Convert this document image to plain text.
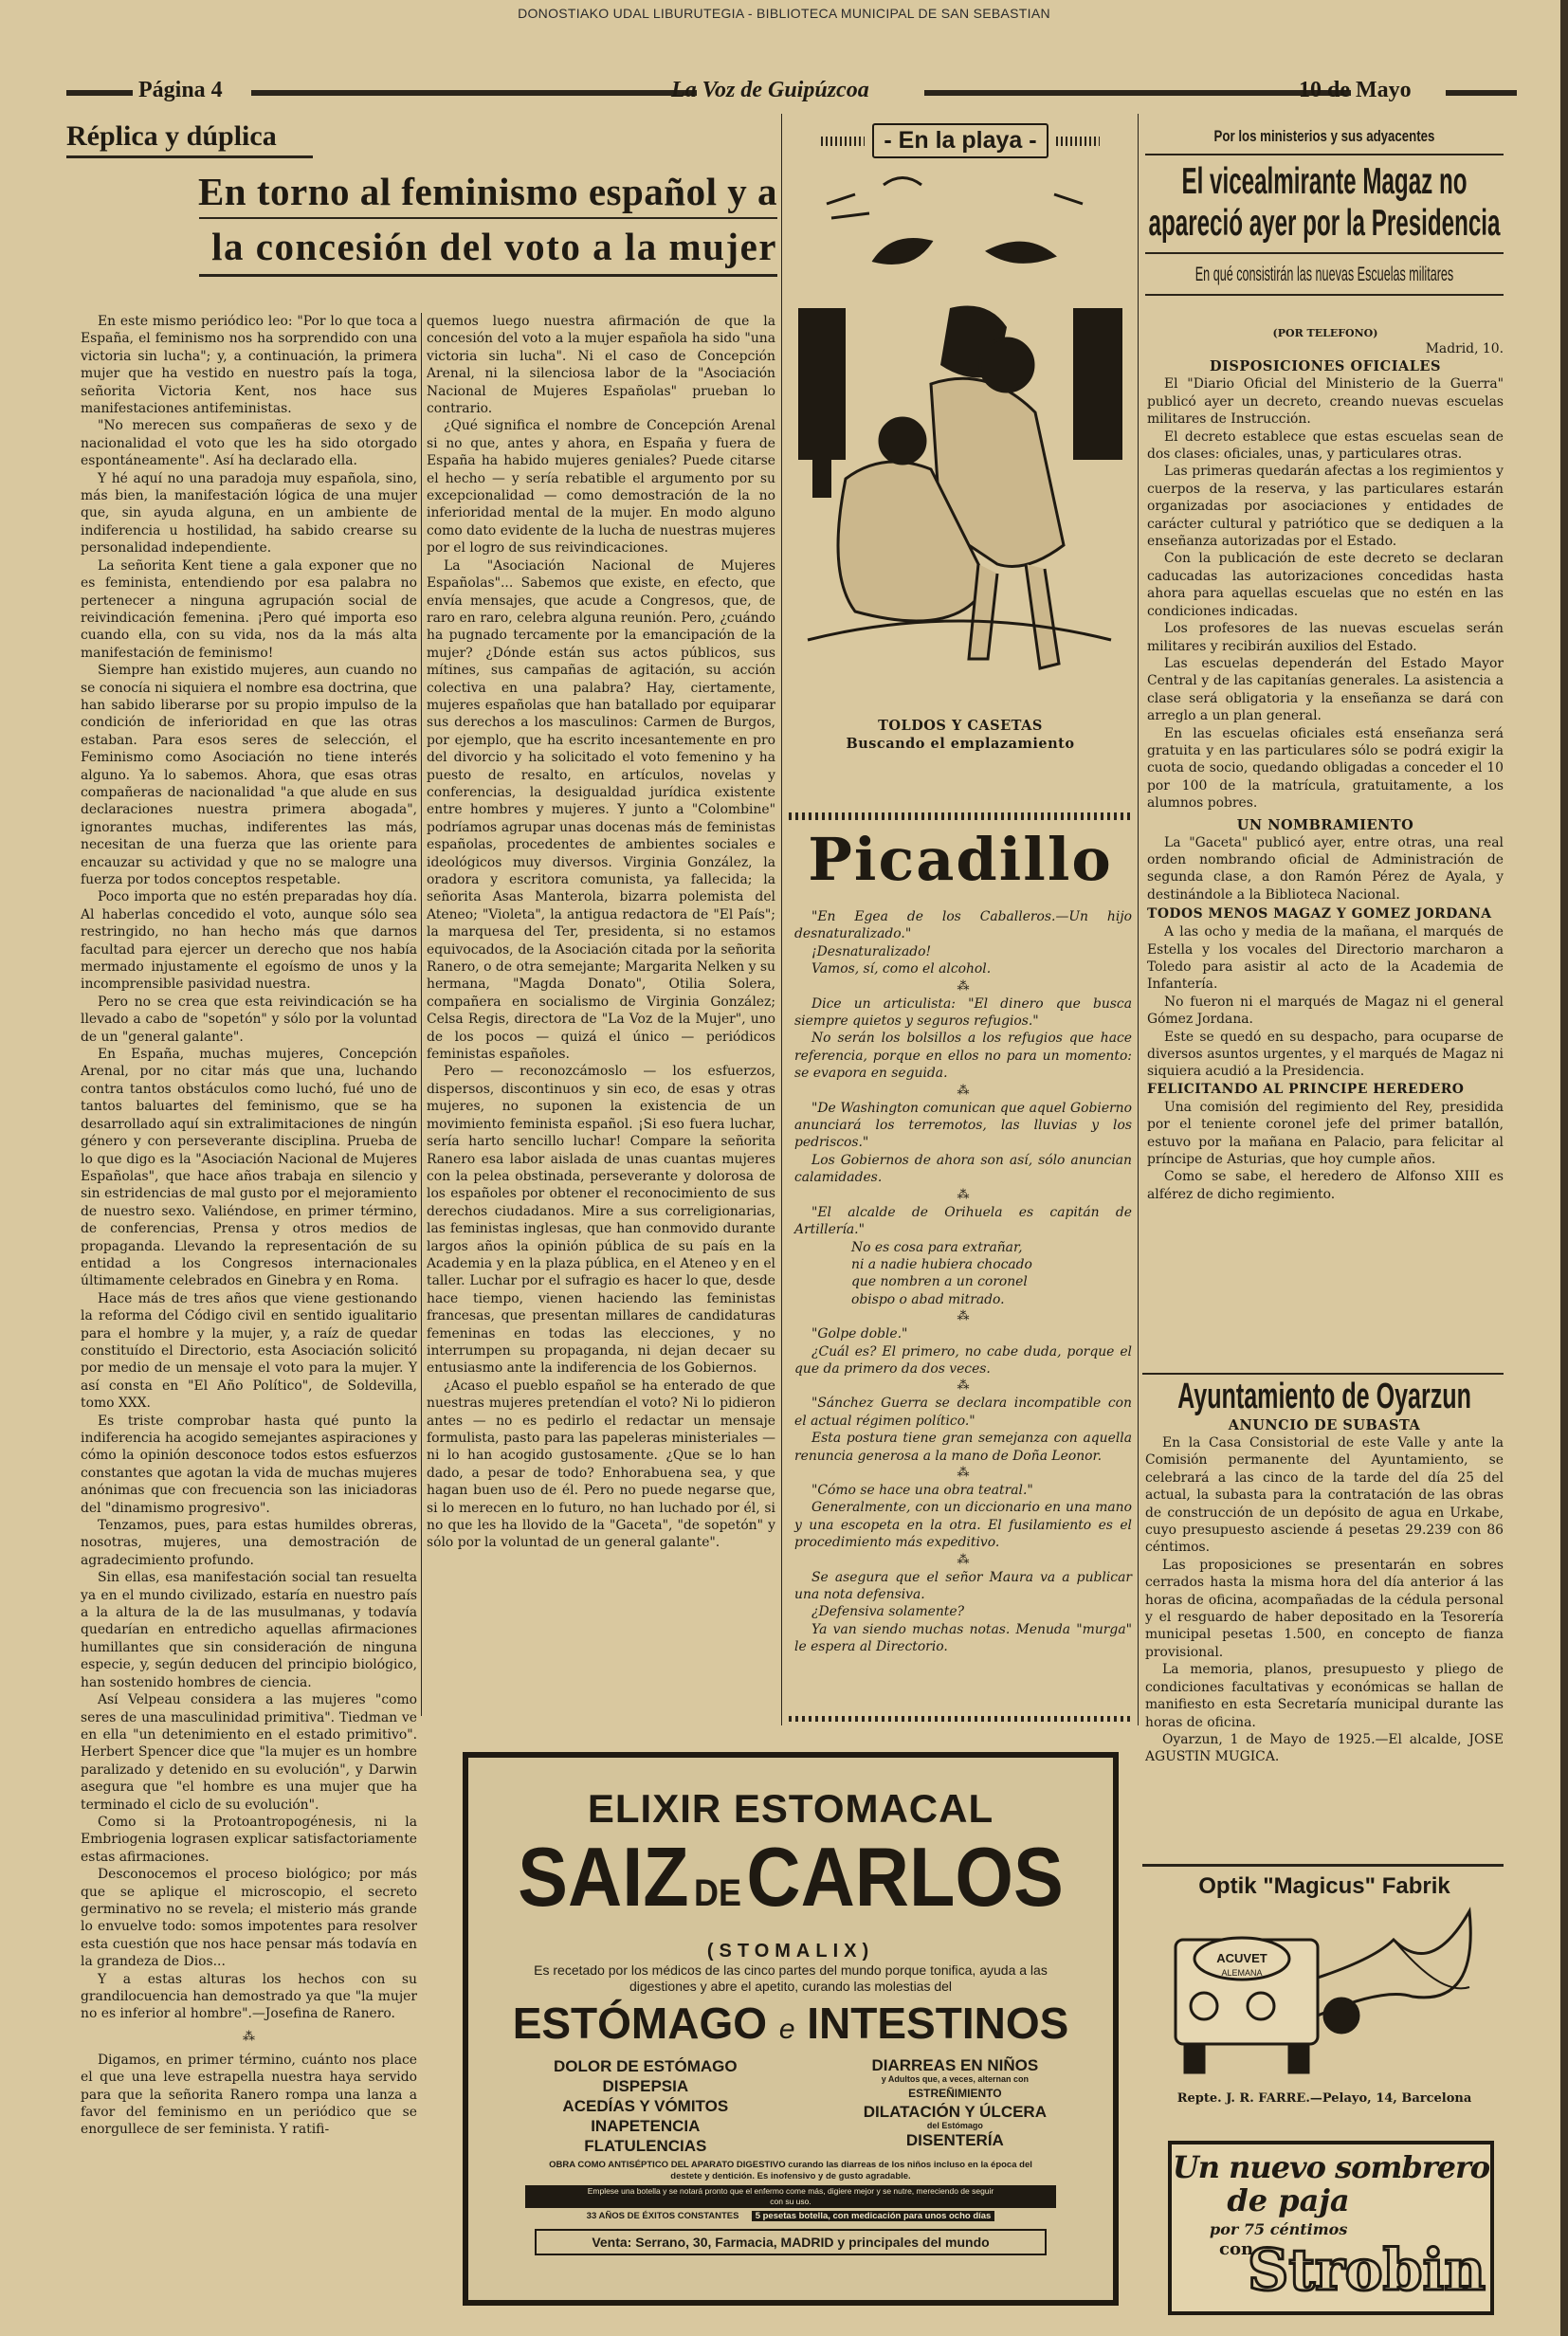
DONOSTIAKO UDAL LIBURUTEGIA - BIBLIOTECA MUNICIPAL DE SAN SEBASTIAN
Página 4	La Voz de Guipúzcoa	10 de Mayo
Réplica y dúplica
En torno al feminismo español y a
la concesión del voto a la mujer

En este mismo periódico leo: "Por lo que toca a España, el feminismo nos ha sorprendido con una victoria sin lucha"; y, a continuación, la primera mujer que ha vestido en nuestro país la toga, señorita Victoria Kent, nos hace sus manifestaciones antifeministas.

"No merecen sus compañeras de sexo y de nacionalidad el voto que les ha sido otorgado espontáneamente". Así ha declarado ella.

Y hé aquí no una paradoja muy española, sino, más bien, la manifestación lógica de una mujer que, sin ayuda alguna, en un ambiente de indiferencia u hostilidad, ha sabido crearse su personalidad independiente.

La señorita Kent tiene a gala exponer que no es feminista, entendiendo por esa palabra no pertenecer a ninguna agrupación social de reivindicación femenina. ¡Pero qué importa eso cuando ella, con su vida, nos da la más alta manifestación de feminismo!

Siempre han existido mujeres, aun cuando no se conocía ni siquiera el nombre esa doctrina, que han sabido liberarse por su propio impulso de la condición de inferioridad en que las otras estaban. Para esos seres de selección, el Feminismo como Asociación no tiene interés alguno. Ya lo sabemos. Ahora, que esas otras compañeras de nacionalidad "a que alude en sus declaraciones nuestra primera abogada", ignorantes muchas, indiferentes las más, necesitan de una fuerza que las oriente para encauzar su actividad y que no se malogre una fuerza por todos conceptos respetable.

Poco importa que no estén preparadas hoy día. Al haberlas concedido el voto, aunque sólo sea restringido, no han hecho más que darnos facultad para ejercer un derecho que nos había mermado injustamente el egoísmo de unos y la incomprensible pasividad nuestra.

Pero no se crea que esta reivindicación se ha llevado a cabo de "sopetón" y sólo por la voluntad de un "general galante".

En España, muchas mujeres, Concepción Arenal, por no citar más que una, luchando contra tantos obstáculos como luchó, fué uno de tantos baluartes del feminismo, que se ha desarrollado aquí sin extralimitaciones de ningún género y con perseverante disciplina. Prueba de lo que digo es la "Asociación Nacional de Mujeres Españolas", que hace años trabaja en silencio y sin estridencias de mal gusto por el mejoramiento de nuestro sexo. Valiéndose, en primer término, de conferencias, Prensa y otros medios de propaganda. Llevando la representación de su entidad a los Congresos internacionales últimamente celebrados en Ginebra y en Roma.

Hace más de tres años que viene gestionando la reforma del Código civil en sentido igualitario para el hombre y la mujer, y, a raíz de quedar constituído el Directorio, esta Asociación solicitó por medio de un mensaje el voto para la mujer. Y así consta en "El Año Político", de Soldevilla, tomo XXX.

Es triste comprobar hasta qué punto la indiferencia ha acogido semejantes aspiraciones y cómo la opinión desconoce todos estos esfuerzos constantes que agotan la vida de muchas mujeres anónimas que con frecuencia son las iniciadoras del "dinamismo progresivo".

Tenzamos, pues, para estas humildes obreras, nosotras, mujeres, una demostración de agradecimiento profundo.

Sin ellas, esa manifestación social tan resuelta ya en el mundo civilizado, estaría en nuestro país a la altura de la de las musulmanas, y todavía quedarían en entredicho aquellas afirmaciones humillantes que sin consideración de ninguna especie, y, según deducen del principio biológico, han sostenido hombres de ciencia.

Así Velpeau considera a las mujeres "como seres de una masculinidad primitiva". Tiedman ve en ella "un detenimiento en el estado primitivo". Herbert Spencer dice que "la mujer es un hombre paralizado y detenido en su evolución", y Darwin asegura que "el hombre es una mujer que ha terminado el ciclo de su evolución".

Como si la Protoantropogénesis, ni la Embriogenia lograsen explicar satisfactoriamente estas afirmaciones.

Desconocemos el proceso biológico; por más que se aplique el microscopio, el secreto germinativo no se revela; el misterio más grande lo envuelve todo: somos impotentes para resolver esta cuestión que nos hace pensar más todavía en la grandeza de Dios...

Y a estas alturas los hechos con su grandilocuencia han demostrado ya que "la mujer no es inferior al hombre".—Josefina de Ranero.

⁂

Digamos, en primer término, cuánto nos place el que una leve estrapella nuestra haya servido para que la señorita Ranero rompa una lanza a favor del feminismo en un periódico que se enorgullece de ser feminista. Y ratifi-

quemos luego nuestra afirmación de que la concesión del voto a la mujer española ha sido "una victoria sin lucha". Ni el caso de Concepción Arenal, ni la silenciosa labor de la "Asociación Nacional de Mujeres Españolas" prueban lo contrario.

¿Qué significa el nombre de Concepción Arenal si no que, antes y ahora, en España y fuera de España ha habido mujeres geniales? Puede citarse el hecho — y sería rebatible el argumento por su excepcionalidad — como demostración de la no inferioridad mental de la mujer. En modo alguno como dato evidente de la lucha de nuestras mujeres por el logro de sus reivindicaciones.

La "Asociación Nacional de Mujeres Españolas"... Sabemos que existe, en efecto, que envía mensajes, que acude a Congresos, que, de raro en raro, celebra alguna reunión. Pero, ¿cuándo ha pugnado tercamente por la emancipación de la mujer? ¿Dónde están sus actos públicos, sus mítines, sus campañas de agitación, su acción colectiva en una palabra? Hay, ciertamente, mujeres españolas que han batallado por equiparar sus derechos a los masculinos: Carmen de Burgos, por ejemplo, que ha escrito incesantemente en pro del divorcio y ha solicitado el voto femenino y ha puesto de resalto, en artículos, novelas y conferencias, la desigualdad jurídica existente entre hombres y mujeres. Y junto a "Colombine" podríamos agrupar unas docenas más de feministas españolas, procedentes de ambientes sociales e ideológicos muy diversos. Virginia González, la oradora y escritora comunista, ya fallecida; la señorita Asas Manterola, bizarra polemista del Ateneo; "Violeta", la antigua redactora de "El País"; la marquesa del Ter, presidenta, si no estamos equivocados, de la Asociación citada por la señorita Ranero, o de otra semejante; Margarita Nelken y su hermana, "Magda Donato", Otilia Solera, compañera en socialismo de Virginia González; Celsa Regis, directora de "La Voz de la Mujer", uno de los pocos — quizá el único — periódicos feministas españoles.

Pero — reconozcámoslo — los esfuerzos, dispersos, discontinuos y sin eco, de esas y otras mujeres, no suponen la existencia de un movimiento feminista español. ¡Si eso fuera luchar, sería harto sencillo luchar! Compare la señorita Ranero esa labor aislada de unas cuantas mujeres con la pelea obstinada, perseverante y dolorosa de los españoles por obtener el reconocimiento de sus derechos ciudadanos. Mire a sus correligionarias, las feministas inglesas, que han conmovido durante largos años la opinión pública de su país en la Academia y en la plaza pública, en el Ateneo y en el taller. Luchar por el sufragio es hacer lo que, desde hace tiempo, vienen haciendo las feministas francesas, que presentan millares de candidaturas femeninas en todas las elecciones, y no interrumpen su propaganda, ni dejan decaer su entusiasmo ante la indiferencia de los Gobiernos.

¿Acaso el pueblo español se ha enterado de que nuestras mujeres pretendían el voto? Ni lo pidieron antes — no es pedirlo el redactar un mensaje formulista, pasto para las papeleras ministeriales — ni lo han acogido gustosamente. ¿Que se lo han dado, a pesar de todo? Enhorabuena sea, y que hagan buen uso de él. Pero no puede negarse que, si lo merecen en lo futuro, no han luchado por él, si no que les ha llovido de la "Gaceta", "de sopetón" y sólo por la voluntad de un general galante".

- En la playa -
TOLDOS Y CASETAS
Buscando el emplazamiento
Picadillo
"En Egea de los Caballeros.—Un hijo desnaturalizado."
¡Desnaturalizado!
Vamos, sí, como el alcohol.
⁂
Dice un articulista: "El dinero que busca siempre quietos y seguros refugios."
No serán los bolsillos a los refugios que hace referencia, porque en ellos no para un momento: se evapora en seguida.
⁂
"De Washington comunican que aquel Gobierno anunciará los terremotos, las lluvias y los pedriscos."
Los Gobiernos de ahora son así, sólo anuncian calamidades.
⁂
"El alcalde de Orihuela es capitán de Artillería."
No es cosa para extrañar,
ni a nadie hubiera chocado
que nombren a un coronel
obispo o abad mitrado.
⁂
"Golpe doble."
¿Cuál es? El primero, no cabe duda, porque el que da primero da dos veces.
⁂
"Sánchez Guerra se declara incompatible con el actual régimen político."
Esta postura tiene gran semejanza con aquella renuncia generosa a la mano de Doña Leonor.
⁂
"Cómo se hace una obra teatral."
Generalmente, con un diccionario en una mano y una escopeta en la otra. El fusilamiento es el procedimiento más expeditivo.
⁂
Se asegura que el señor Maura va a publicar una nota defensiva.
¿Defensiva solamente?
Ya van siendo muchas notas. Menuda "murga" le espera al Directorio.
Por los ministerios y sus adyacentes
El vicealmirante Magaz no apareció ayer por la Presidencia
En qué consistirán las nuevas Escuelas militares
(POR TELEFONO)
Madrid, 10.
DISPOSICIONES OFICIALES

El "Diario Oficial del Ministerio de la Guerra" publicó ayer un decreto, creando nuevas escuelas militares de Instrucción.

El decreto establece que estas escuelas sean de dos clases: oficiales, unas, y particulares otras.

Las primeras quedarán afectas a los regimientos y cuerpos de la reserva, y las particulares estarán organizadas por asociaciones y entidades de carácter cultural y patriótico que se dediquen a la enseñanza autorizadas por el Estado.

Con la publicación de este decreto se declaran caducadas las autorizaciones concedidas hasta ahora para aquellas escuelas que no estén en las condiciones indicadas.

Los profesores de las nuevas escuelas serán militares y recibirán auxilios del Estado.

Las escuelas dependerán del Estado Mayor Central y de las capitanías generales. La asistencia a clase será obligatoria y la enseñanza se dará con arreglo a un plan general.

En las escuelas oficiales está enseñanza será gratuita y en las particulares sólo se podrá exigir la cuota de socio, quedando obligadas a conceder el 10 por 100 de la matrícula, gratuitamente, a los alumnos pobres.

UN NOMBRAMIENTO

La "Gaceta" publicó ayer, entre otras, una real orden nombrando oficial de Administración de segunda clase, a don Ramón Pérez de Ayala, y destinándole a la Biblioteca Nacional.

TODOS MENOS MAGAZ Y GOMEZ JORDANA

A las ocho y media de la mañana, el marqués de Estella y los vocales del Directorio marcharon a Toledo para asistir al acto de la Academia de Infantería.

No fueron ni el marqués de Magaz ni el general Gómez Jordana.

Este se quedó en su despacho, para ocuparse de diversos asuntos urgentes, y el marqués de Magaz ni siquiera acudió a la Presidencia.

FELICITANDO AL PRINCIPE HEREDERO

Una comisión del regimiento del Rey, presidida por el teniente coronel jefe del primer batallón, estuvo por la mañana en Palacio, para felicitar al príncipe de Asturias, que hoy cumple años.

Como se sabe, el heredero de Alfonso XIII es alférez de dicho regimiento.

Ayuntamiento de Oyarzun
ANUNCIO DE SUBASTA

En la Casa Consistorial de este Valle y ante la Comisión permanente del Ayuntamiento, se celebrará a las cinco de la tarde del día 25 del actual, la subasta para la contratación de las obras de construcción de un depósito de agua en Urkabe, cuyo presupuesto asciende á pesetas 29.239 con 86 céntimos.

Las proposiciones se presentarán en sobres cerrados hasta la misma hora del día anterior á las horas de oficina, acompañadas de la cédula personal y el resguardo de haber depositado en la Tesorería municipal pesetas 1.500, en concepto de fianza provisional.

La memoria, planos, presupuesto y pliego de condiciones facultativas y económicas se hallan de manifiesto en esta Secretaría municipal durante las horas de oficina.

Oyarzun, 1 de Mayo de 1925.—El alcalde, JOSE AGUSTIN MUGICA.

Optik "Magicus" Fabrik
ACUVET
ALEMANA
Repte. J. R. FARRE.—Pelayo, 14, Barcelona
Un nuevo sombrero
de paja
por 75 céntimos
con
Strobin
ELIXIR ESTOMACAL
SAIZ DECARLOS
(STOMALIX)
Es recetado por los médicos de las cinco partes del mundo porque tonifica, ayuda a las digestiones y abre el apetito, curando las molestias del
ESTÓMAGO e INTESTINOS
DOLOR DE ESTÓMAGO
DISPEPSIA
ACEDÍAS Y VÓMITOS
INAPETENCIA
FLATULENCIAS
DIARREAS EN NIÑOS
y Adultos que, a veces, alternan con
ESTREÑIMIENTO
DILATACIÓN Y ÚLCERA
del Estómago
DISENTERÍA
OBRA COMO ANTISÉPTICO DEL APARATO DIGESTIVO curando las diarreas de los niños incluso en la época del destete y dentición. Es inofensivo y de gusto agradable.
Emplese una botella y se notará pronto que el enfermo come más, digiere mejor y se nutre, mereciendo de seguir con su uso.
33 AÑOS DE ÉXITOS CONSTANTES 5 pesetas botella, con medicación para unos ocho días
Venta: Serrano, 30, Farmacia, MADRID y principales del mundo
